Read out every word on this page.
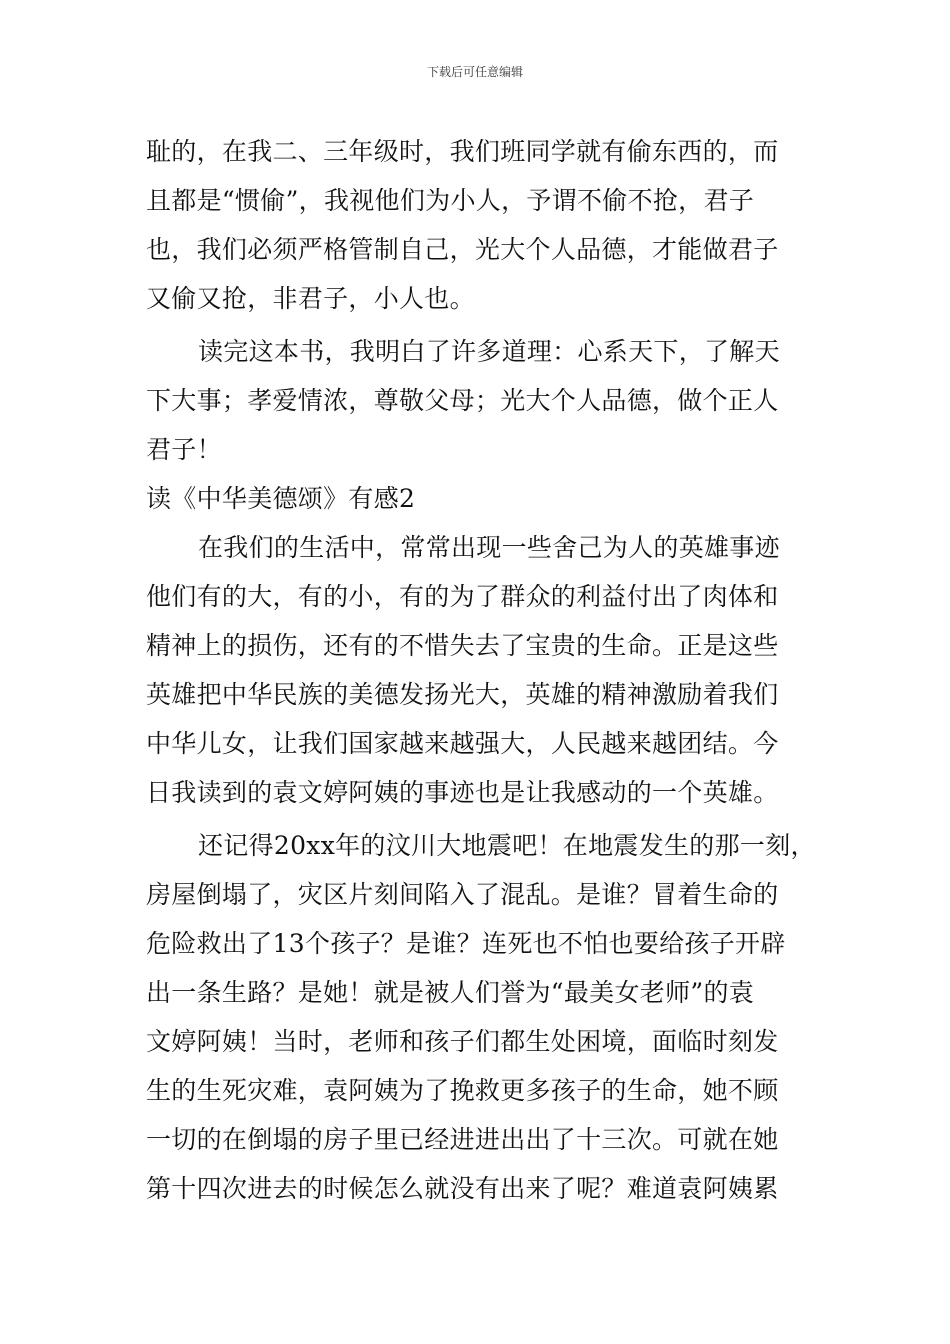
下载后可任意编辑
耻的，在我二、三年级时，我们班同学就有偷东西的，而
且都是“惯偷”，我视他们为小人，予谓不偷不抢，君子
也，我们必须严格管制自己，光大个人品德，才能做君子
又偷又抢，非君子，小人也。
读完这本书，我明白了许多道理：心系天下，了解天
下大事；孝爱情浓，尊敬父母；光大个人品德，做个正人
君子！
读《中华美德颂》有感2
在我们的生活中，常常出现一些舍己为人的英雄事迹
他们有的大，有的小，有的为了群众的利益付出了肉体和
精神上的损伤，还有的不惜失去了宝贵的生命。正是这些
英雄把中华民族的美德发扬光大，英雄的精神激励着我们
中华儿女，让我们国家越来越强大，人民越来越团结。今
日我读到的袁文婷阿姨的事迹也是让我感动的一个英雄。
还记得20xx年的汶川大地震吧！在地震发生的那一刻，
房屋倒塌了，灾区片刻间陷入了混乱。是谁？冒着生命的
危险救出了13个孩子？是谁？连死也不怕也要给孩子开辟
出一条生路？是她！就是被人们誉为“最美女老师”的袁
文婷阿姨！当时，老师和孩子们都生处困境，面临时刻发
生的生死灾难，袁阿姨为了挽救更多孩子的生命，她不顾
一切的在倒塌的房子里已经进进出出了十三次。可就在她
第十四次进去的时候怎么就没有出来了呢？难道袁阿姨累
